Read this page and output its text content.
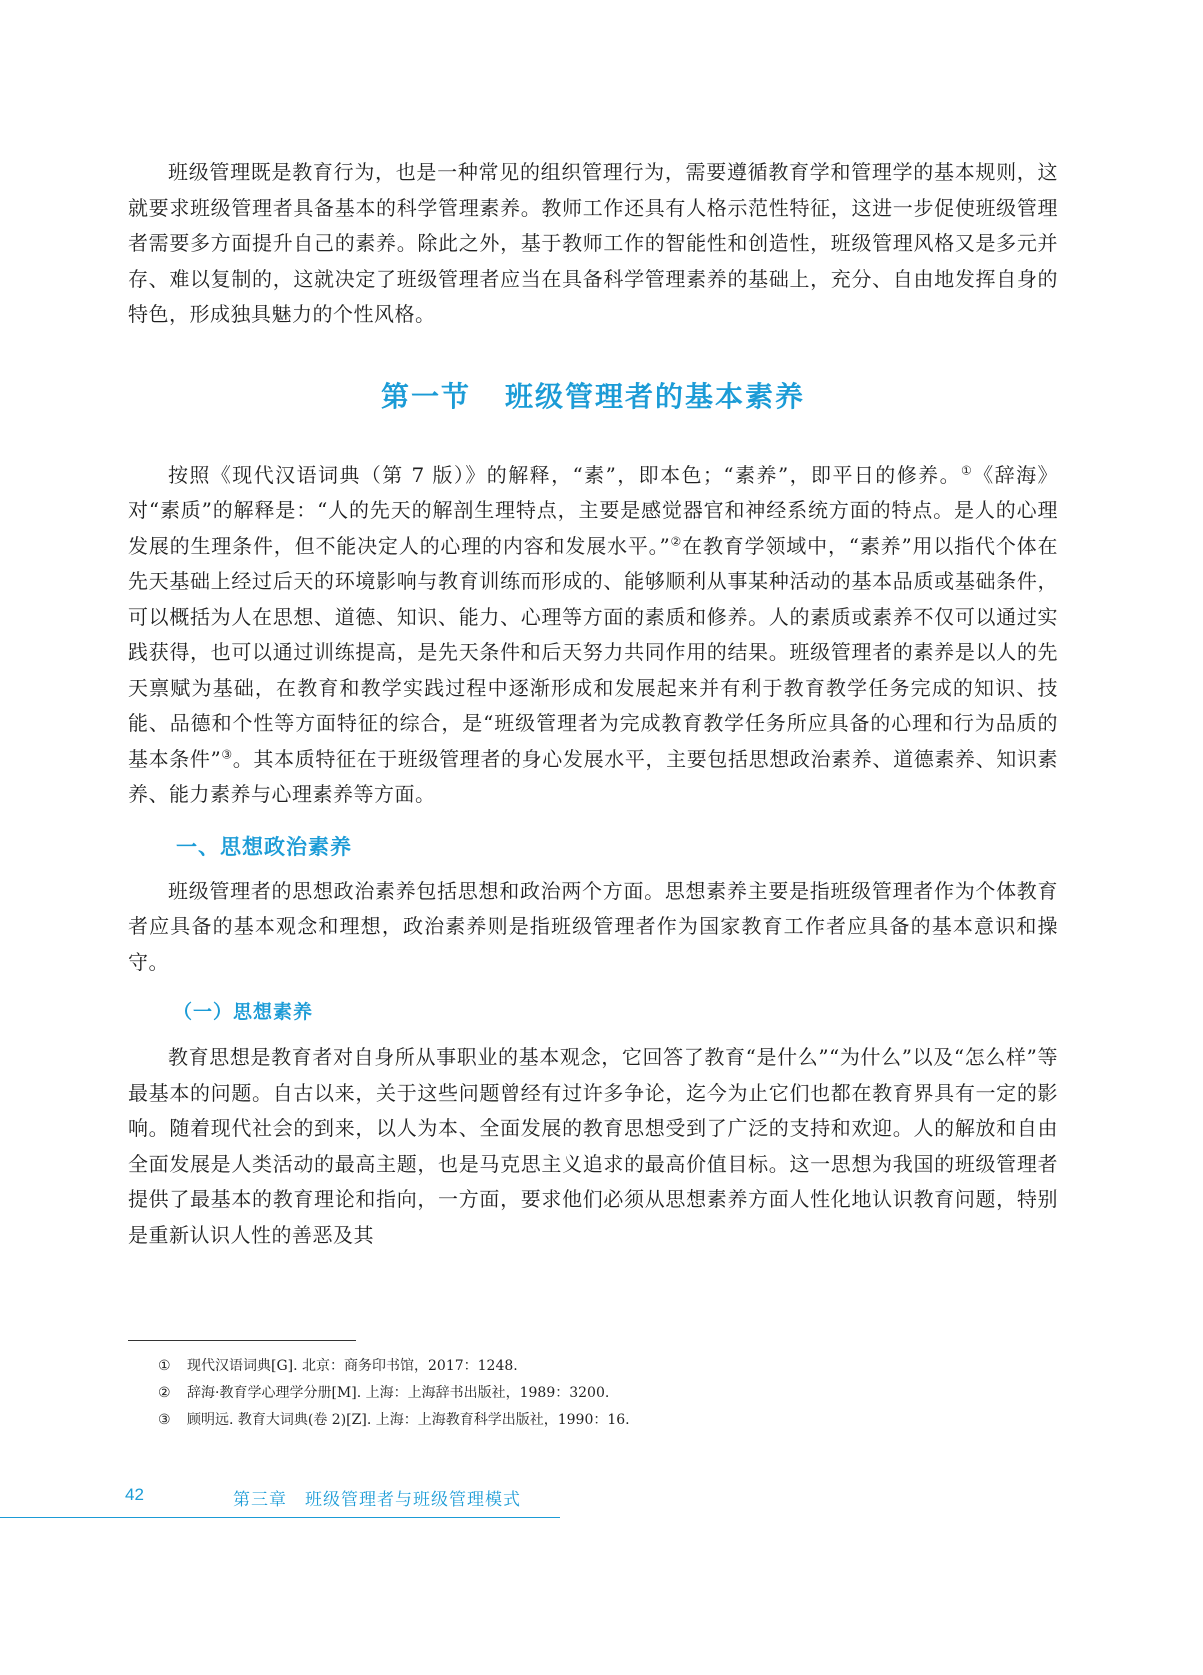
班级管理既是教育行为，也是一种常见的组织管理行为，需要遵循教育学和管理学的基本规则，这就要求班级管理者具备基本的科学管理素养。教师工作还具有人格示范性特征，这进一步促使班级管理者需要多方面提升自己的素养。除此之外，基于教师工作的智能性和创造性，班级管理风格又是多元并存、难以复制的，这就决定了班级管理者应当在具备科学管理素养的基础上，充分、自由地发挥自身的特色，形成独具魅力的个性风格。

第一节 班级管理者的基本素养

按照《现代汉语词典（第 7 版）》的解释，“素”，即本色；“素养”，即平日的修养。①《辞海》对“素质”的解释是：“人的先天的解剖生理特点，主要是感觉器官和神经系统方面的特点。是人的心理发展的生理条件，但不能决定人的心理的内容和发展水平。”②在教育学领域中，“素养”用以指代个体在先天基础上经过后天的环境影响与教育训练而形成的、能够顺利从事某种活动的基本品质或基础条件，可以概括为人在思想、道德、知识、能力、心理等方面的素质和修养。人的素质或素养不仅可以通过实践获得，也可以通过训练提高，是先天条件和后天努力共同作用的结果。班级管理者的素养是以人的先天禀赋为基础，在教育和教学实践过程中逐渐形成和发展起来并有利于教育教学任务完成的知识、技能、品德和个性等方面特征的综合，是“班级管理者为完成教育教学任务所应具备的心理和行为品质的基本条件”③。其本质特征在于班级管理者的身心发展水平，主要包括思想政治素养、道德素养、知识素养、能力素养与心理素养等方面。

一、思想政治素养

班级管理者的思想政治素养包括思想和政治两个方面。思想素养主要是指班级管理者作为个体教育者应具备的基本观念和理想，政治素养则是指班级管理者作为国家教育工作者应具备的基本意识和操守。

（一）思想素养

教育思想是教育者对自身所从事职业的基本观念，它回答了教育“是什么”“为什么”以及“怎么样”等最基本的问题。自古以来，关于这些问题曾经有过许多争论，迄今为止它们也都在教育界具有一定的影响。随着现代社会的到来，以人为本、全面发展的教育思想受到了广泛的支持和欢迎。人的解放和自由全面发展是人类活动的最高主题，也是马克思主义追求的最高价值目标。这一思想为我国的班级管理者提供了最基本的教育理论和指向，一方面，要求他们必须从思想素养方面人性化地认识教育问题，特别是重新认识人性的善恶及其

①	现代汉语词典[G]. 北京：商务印书馆，2017：1248.
②	辞海·教育学心理学分册[M]. 上海：上海辞书出版社，1989：3200.
③	顾明远. 教育大词典(卷 2)[Z]. 上海：上海教育科学出版社，1990：16.
42	第三章　班级管理者与班级管理模式
